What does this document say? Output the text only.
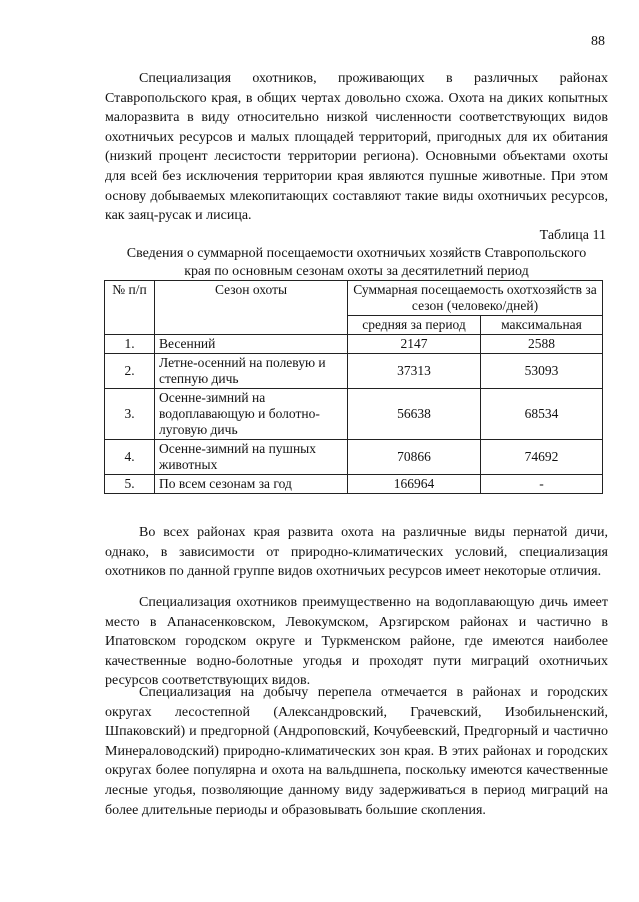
88

Специализация охотников, проживающих в различных районах Ставропольского края, в общих чертах довольно схожа. Охота на диких копытных малоразвита в виду относительно низкой численности соответствующих видов охотничьих ресурсов и малых площадей территорий, пригодных для их обитания (низкий процент лесистости территории региона). Основными объектами охоты для всей без исключения территории края являются пушные животные. При этом основу добываемых млекопитающих составляют такие виды охотничьих ресурсов, как заяц-русак и лисица.

Таблица 11
Сведения о суммарной посещаемости охотничьих хозяйств Ставропольского
края по основным сезонам охоты за десятилетний период
№ п/п	Сезон охоты	Суммарная посещаемость охотхозяйств за сезон (человеко/дней)	
		средняя за период	максимальная
1.	Весенний	2147	2588
2.	Летне-осенний на полевую и степную дичь	37313	53093
3.	Осенне-зимний на водоплавающую и болотно-луговую дичь	56638	68534
4.	Осенне-зимний на пушных животных	70866	74692
5.	По всем сезонам за год	166964	-

Во всех районах края развита охота на различные виды пернатой дичи, однако, в зависимости от природно-климатических условий, специализация охотников по данной группе видов охотничьих ресурсов имеет некоторые отличия.

Специализация охотников преимущественно на водоплавающую дичь имеет место в Апанасенковском, Левокумском, Арзгирском районах и частично в Ипатовском городском округе и Туркменском районе, где имеются наиболее качественные водно-болотные угодья и проходят пути миграций охотничьих ресурсов соответствующих видов.

Специализация на добычу перепела отмечается в районах и городских округах лесостепной (Александровский, Грачевский, Изобильненский, Шпаковский) и предгорной (Андроповский, Кочубеевский, Предгорный и частично Минераловодский) природно-климатических зон края. В этих районах и городских округах более популярна и охота на вальдшнепа, поскольку имеются качественные лесные угодья, позволяющие данному виду задерживаться в период миграций на более длительные периоды и образовывать большие скопления.
